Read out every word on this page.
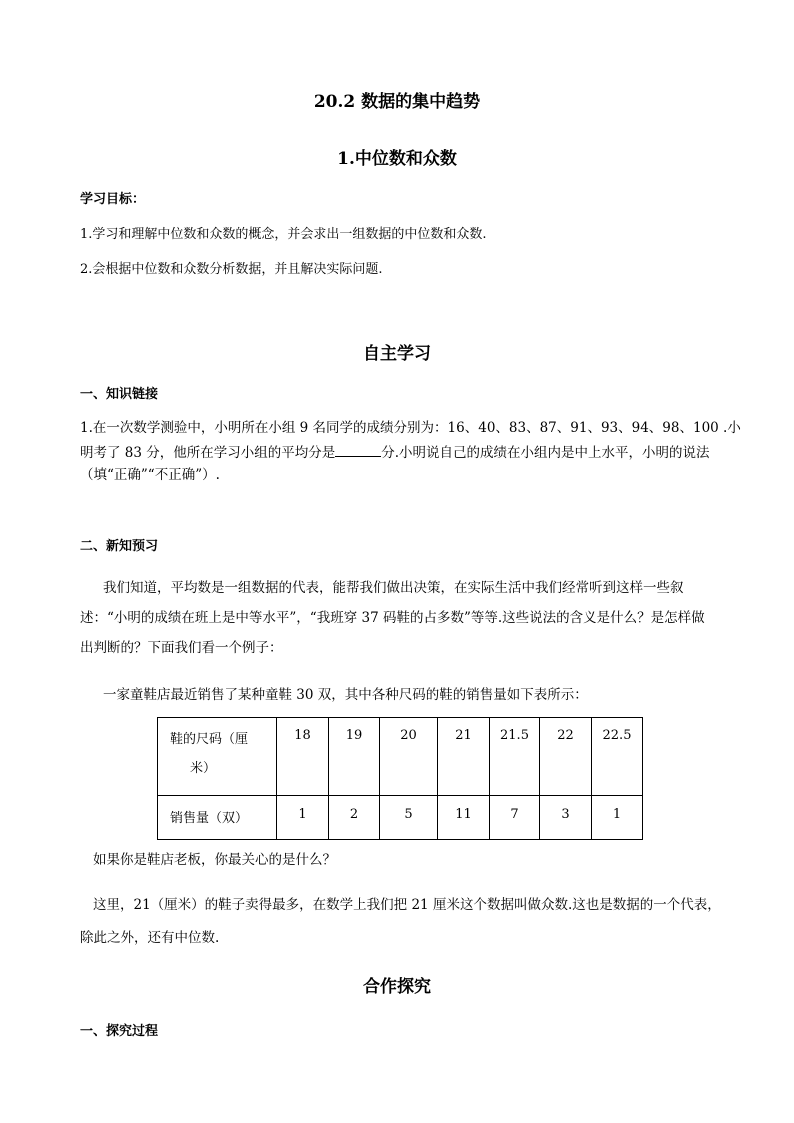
20.2 数据的集中趋势
1.中位数和众数
学习目标：
1.学习和理解中位数和众数的概念，并会求出一组数据的中位数和众数.
2.会根据中位数和众数分析数据，并且解决实际问题.
自主学习
一、知识链接
1.在一次数学测验中，小明所在小组 9 名同学的成绩分别为：16、40、83、87、91、93、94、98、100 .小
明考了 83 分，他所在学习小组的平均分是	分.小明说自己的成绩在小组内是中上水平，小明的说法
（填“正确”“不正确”）.
二、新知预习
我们知道，平均数是一组数据的代表，能帮我们做出决策，在实际生活中我们经常听到这样一些叙
述：“小明的成绩在班上是中等水平”，“我班穿 37 码鞋的占多数”等等.这些说法的含义是什么？是怎样做
出判断的？下面我们看一个例子：
一家童鞋店最近销售了某种童鞋 30 双，其中各种尺码的鞋的销售量如下表所示：
鞋的尺码（厘
米）	18	19	20	21	21.5	22	22.5
销售量（双）	1	2	5	11	7	3	1
如果你是鞋店老板，你最关心的是什么？
这里，21（厘米）的鞋子卖得最多，在数学上我们把 21 厘米这个数据叫做众数.这也是数据的一个代表，
除此之外，还有中位数.
合作探究
一、探究过程
